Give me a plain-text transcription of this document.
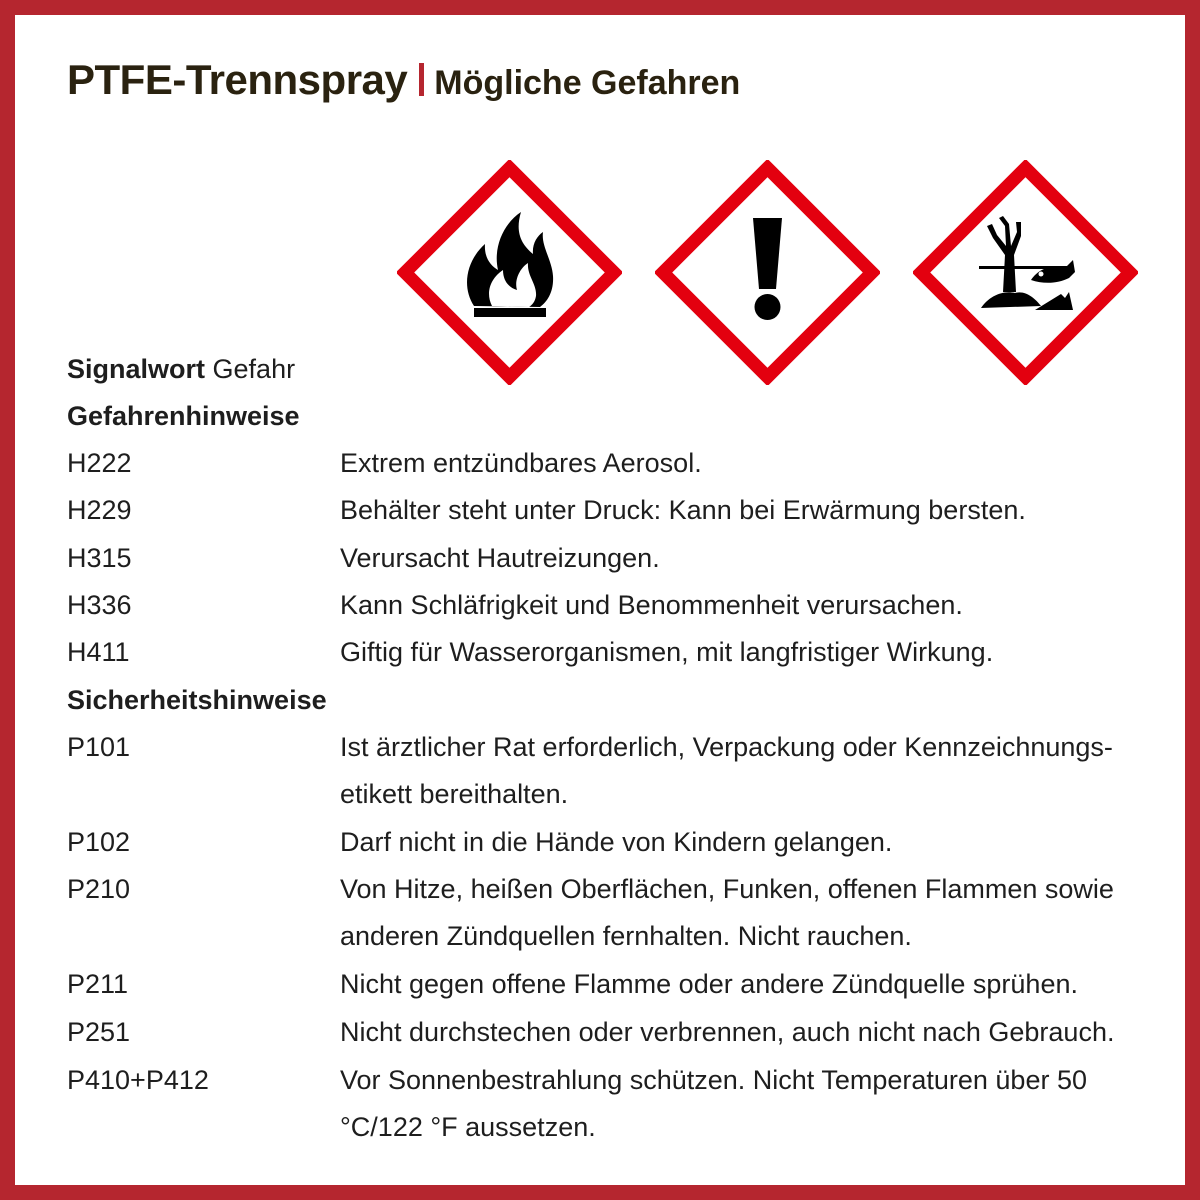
PTFE-Trennspray Mögliche Gefahren
Signalwort Gefahr
Gefahrenhinweise
H222	Extrem entzündbares Aerosol.
H229	Behälter steht unter Druck: Kann bei Erwärmung bersten.
H315	Verursacht Hautreizungen.
H336	Kann Schläfrigkeit und Benommenheit verursachen.
H411	Giftig für Wasserorganismen, mit langfristiger Wirkung.
Sicherheitshinweise
P101	Ist ärztlicher Rat erforderlich, Verpackung oder Kennzeichnungs-etikett bereithalten.
P102	Darf nicht in die Hände von Kindern gelangen.
P210	Von Hitze, heißen Oberflächen, Funken, offenen Flammen sowie anderen Zündquellen fernhalten. Nicht rauchen.
P211	Nicht gegen offene Flamme oder andere Zündquelle sprühen.
P251	Nicht durchstechen oder verbrennen, auch nicht nach Gebrauch.
P410+P412	Vor Sonnenbestrahlung schützen. Nicht Temperaturen über 50 °C/122 °F aussetzen.
